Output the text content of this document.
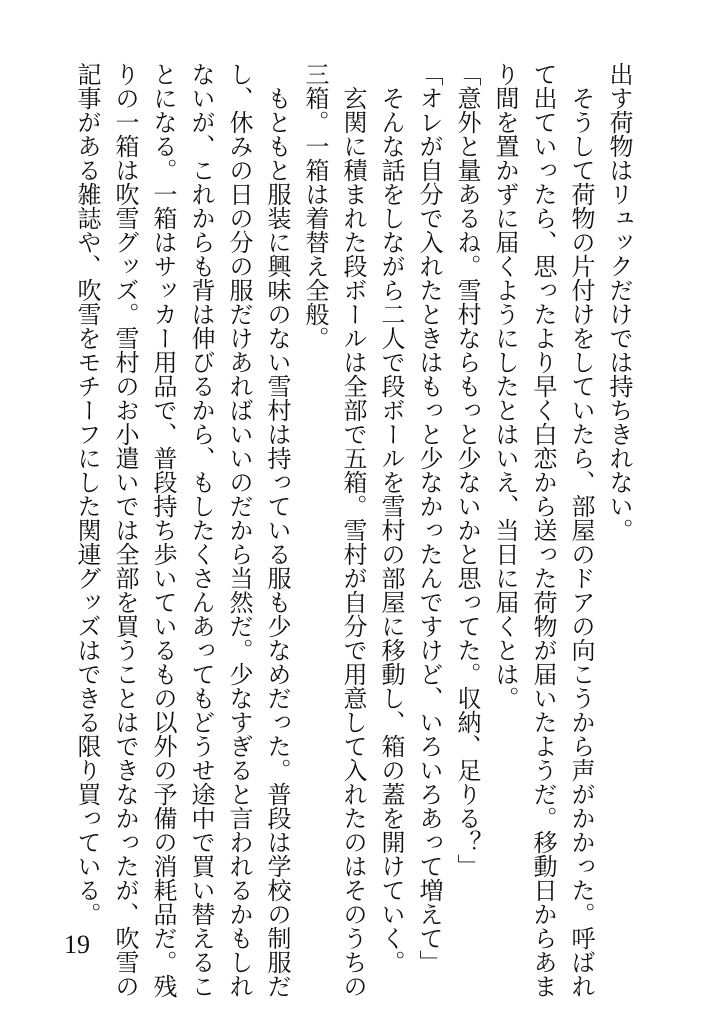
出す荷物はリュックだけでは持ちきれない。
　そうして荷物の片付けをしていたら、部屋のドアの向こうから声がかかった。呼ばれ
て出ていったら、思ったより早く白恋から送った荷物が届いたようだ。移動日からあま
り間を置かずに届くようにしたとはいえ、当日に届くとは。
「意外と量あるね。雪村ならもっと少ないかと思ってた。収納、足りる？」
「オレが自分で入れたときはもっと少なかったんですけど、いろいろあって増えて」
　そんな話をしながら二人で段ボールを雪村の部屋に移動し、箱の蓋を開けていく。
　玄関に積まれた段ボールは全部で五箱。雪村が自分で用意して入れたのはそのうちの
三箱。一箱は着替え全般。
　もともと服装に興味のない雪村は持っている服も少なめだった。普段は学校の制服だ
し、休みの日の分の服だけあればいいのだから当然だ。少なすぎると言われるかもしれ
ないが、これからも背は伸びるから、もしたくさんあってもどうせ途中で買い替えるこ
とになる。一箱はサッカー用品で、普段持ち歩いているもの以外の予備の消耗品だ。残
りの一箱は吹雪グッズ。雪村のお小遣いでは全部を買うことはできなかったが、吹雪の
記事がある雑誌や、吹雪をモチーフにした関連グッズはできる限り買っている。
19
